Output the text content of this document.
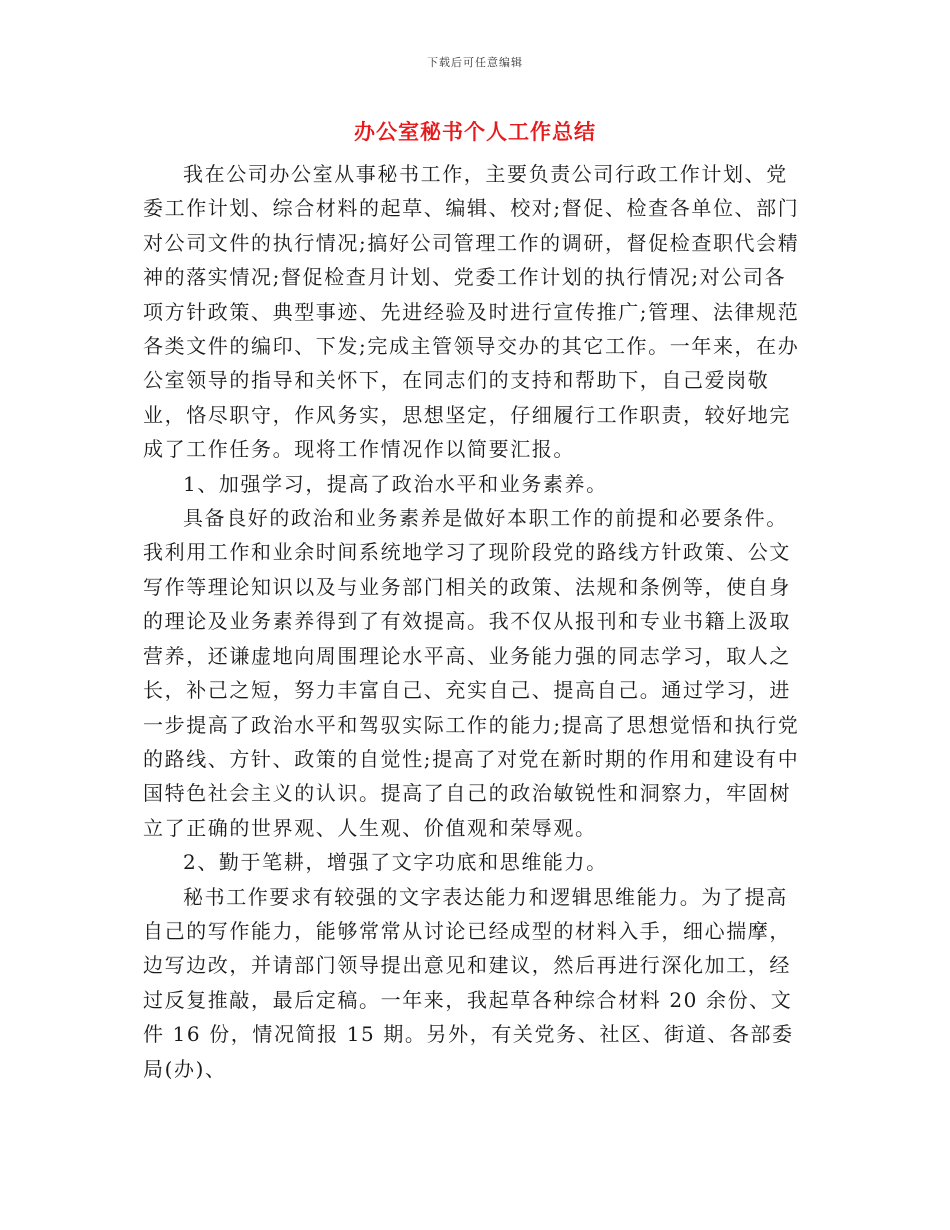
下载后可任意编辑
办公室秘书个人工作总结

我在公司办公室从事秘书工作，主要负责公司行政工作计划、党委工作计划、综合材料的起草、编辑、校对;督促、检查各单位、部门对公司文件的执行情况;搞好公司管理工作的调研，督促检查职代会精神的落实情况;督促检查月计划、党委工作计划的执行情况;对公司各项方针政策、典型事迹、先进经验及时进行宣传推广;管理、法律规范各类文件的编印、下发;完成主管领导交办的其它工作。一年来，在办公室领导的指导和关怀下，在同志们的支持和帮助下，自己爱岗敬业，恪尽职守，作风务实，思想坚定，仔细履行工作职责，较好地完成了工作任务。现将工作情况作以简要汇报。

1、加强学习，提高了政治水平和业务素养。

具备良好的政治和业务素养是做好本职工作的前提和必要条件。我利用工作和业余时间系统地学习了现阶段党的路线方针政策、公文写作等理论知识以及与业务部门相关的政策、法规和条例等，使自身的理论及业务素养得到了有效提高。我不仅从报刊和专业书籍上汲取营养，还谦虚地向周围理论水平高、业务能力强的同志学习，取人之长，补己之短，努力丰富自己、充实自己、提高自己。通过学习，进一步提高了政治水平和驾驭实际工作的能力;提高了思想觉悟和执行党的路线、方针、政策的自觉性;提高了对党在新时期的作用和建设有中国特色社会主义的认识。提高了自己的政治敏锐性和洞察力，牢固树立了正确的世界观、人生观、价值观和荣辱观。

2、勤于笔耕，增强了文字功底和思维能力。

秘书工作要求有较强的文字表达能力和逻辑思维能力。为了提高自己的写作能力，能够常常从讨论已经成型的材料入手，细心揣摩，边写边改，并请部门领导提出意见和建议，然后再进行深化加工，经过反复推敲，最后定稿。一年来，我起草各种综合材料 20 余份、文件 16 份，情况简报 15 期。另外，有关党务、社区、街道、各部委局(办)、
